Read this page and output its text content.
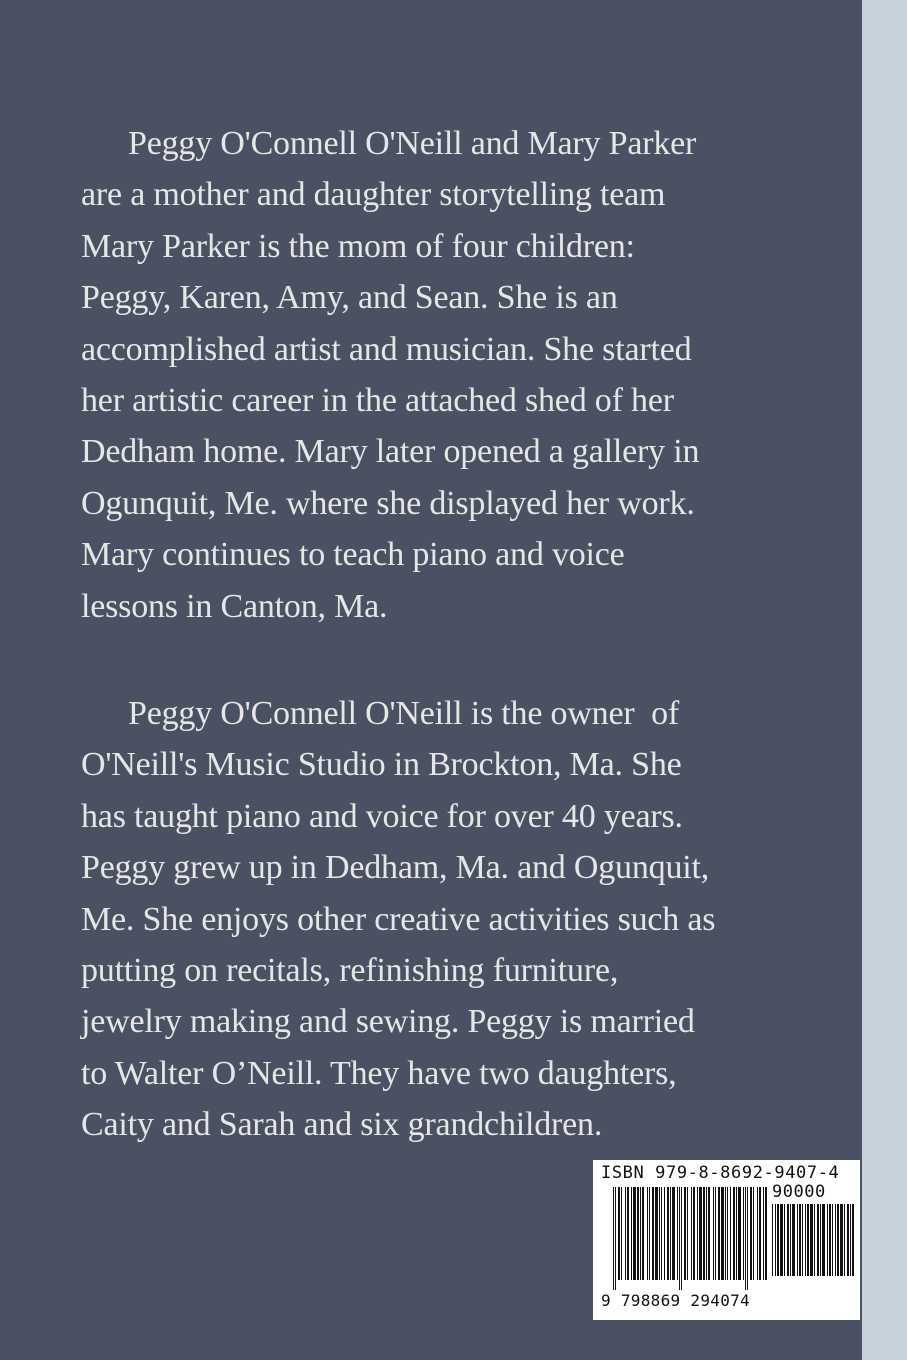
Peggy O'Connell O'Neill and Mary Parker
are a mother and daughter storytelling team
Mary Parker is the mom of four children:
Peggy, Karen, Amy, and Sean. She is an
accomplished artist and musician. She started
her artistic career in the attached shed of her
Dedham home. Mary later opened a gallery in
Ogunquit, Me. where she displayed her work.
Mary continues to teach piano and voice
lessons in Canton, Ma.
Peggy O'Connell O'Neill is the owner  of
O'Neill's Music Studio in Brockton, Ma. She
has taught piano and voice for over 40 years.
Peggy grew up in Dedham, Ma. and Ogunquit,
Me. She enjoys other creative activities such as
putting on recitals, refinishing furniture,
jewelry making and sewing. Peggy is married
to Walter O’Neill. They have two daughters,
Caity and Sarah and six grandchildren.
ISBN 979-8-8692-9407-4
90000
9 798869 294074
